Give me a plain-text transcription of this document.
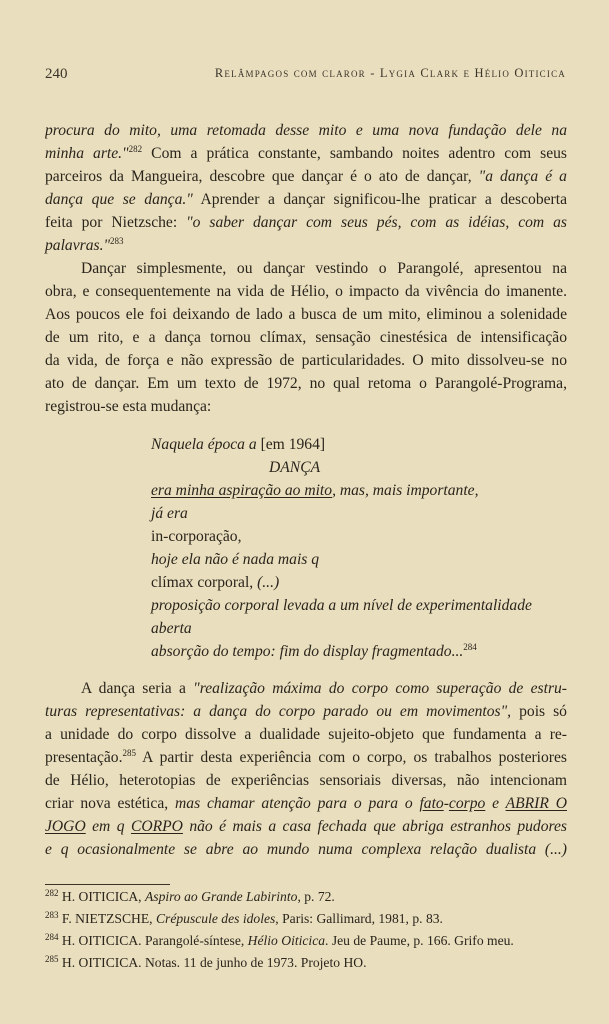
240	Relâmpagos com claror - Lygia Clark e Hélio Oiticica
procura do mito, uma retomada desse mito e uma nova fundação dele na
minha arte."$^{282}$ Com a prática constante, sambando noites adentro com seus
parceiros da Mangueira, descobre que dançar é o ato de dançar, "a dança é a
dança que se dança." Aprender a dançar significou-lhe praticar a descoberta
feita por Nietzsche: "o saber dançar com seus pés, com as idéias, com as
palavras."$^{283}$
Dançar simplesmente, ou dançar vestindo o Parangolé, apresentou na
obra, e consequentemente na vida de Hélio, o impacto da vivência do imanente.
Aos poucos ele foi deixando de lado a busca de um mito, eliminou a solenidade
de um rito, e a dança tornou clímax, sensação cinestésica de intensificação
da vida, de força e não expressão de particularidades. O mito dissolveu-se no
ato de dançar. Em um texto de 1972, no qual retoma o Parangolé-Programa,
registrou-se esta mudança:
Naquela época a [em 1964]
DANÇA
era minha aspiração ao mito, mas, mais importante,
já era
in-corporação,
hoje ela não é nada mais q
clímax corporal, (...)
proposição corporal levada a um nível de experimentalidade
aberta
absorção do tempo: fim do display fragmentado...$^{284}$
A dança seria a "realização máxima do corpo como superação de estru-
turas representativas: a dança do corpo parado ou em movimentos", pois só
a unidade do corpo dissolve a dualidade sujeito-objeto que fundamenta a re-
presentação.$^{285}$ A partir desta experiência com o corpo, os trabalhos posteriores
de Hélio, heterotopias de experiências sensoriais diversas, não intencionam
criar nova estética, mas chamar atenção para o para o fato-corpo e ABRIR O
JOGO em q CORPO não é mais a casa fechada que abriga estranhos pudores
e q ocasionalmente se abre ao mundo numa complexa relação dualista (...)
$^{282}$ H. OITICICA, Aspiro ao Grande Labirinto, p. 72.
$^{283}$ F. NIETZSCHE, Crépuscule des idoles, Paris: Gallimard, 1981, p. 83.
$^{284}$ H. OITICICA. Parangolé-síntese, Hélio Oiticica. Jeu de Paume, p. 166. Grifo meu.
$^{285}$ H. OITICICA. Notas. 11 de junho de 1973. Projeto HO.
